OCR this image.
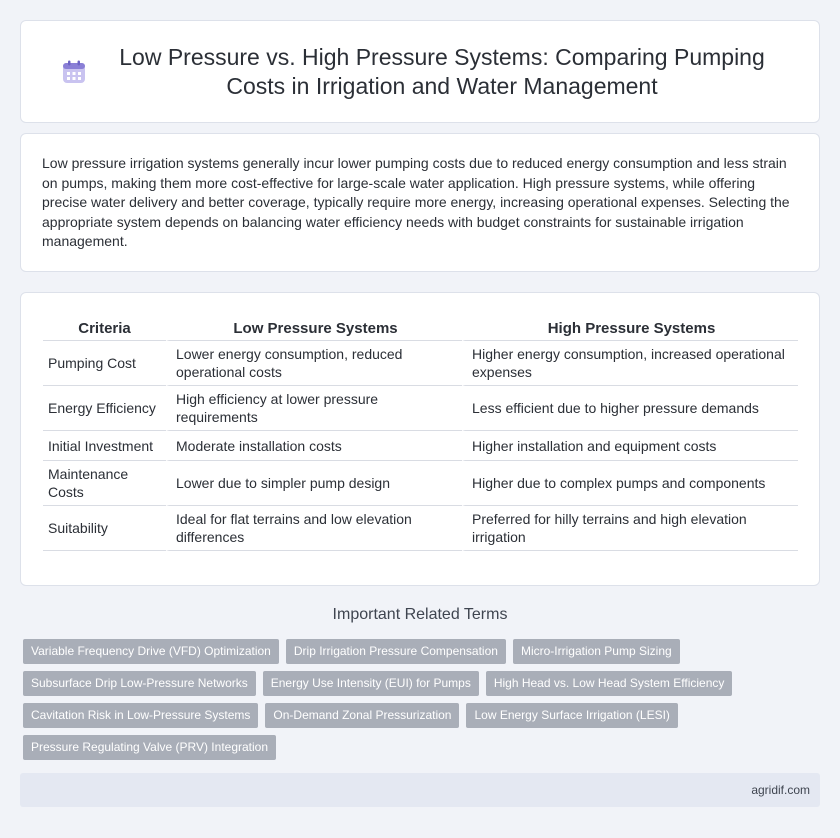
Low Pressure vs. High Pressure Systems: Comparing Pumping Costs in Irrigation and Water Management

Low pressure irrigation systems generally incur lower pumping costs due to reduced energy consumption and less strain on pumps, making them more cost-effective for large-scale water application. High pressure systems, while offering precise water delivery and better coverage, typically require more energy, increasing operational expenses. Selecting the appropriate system depends on balancing water efficiency needs with budget constraints for sustainable irrigation management.

Criteria	Low Pressure Systems	High Pressure Systems
Pumping Cost	Lower energy consumption, reduced operational costs	Higher energy consumption, increased operational expenses
Energy Efficiency	High efficiency at lower pressure requirements	Less efficient due to higher pressure demands
Initial Investment	Moderate installation costs	Higher installation and equipment costs
Maintenance Costs	Lower due to simpler pump design	Higher due to complex pumps and components
Suitability	Ideal for flat terrains and low elevation differences	Preferred for hilly terrains and high elevation irrigation
Important Related Terms
Variable Frequency Drive (VFD) Optimization	Drip Irrigation Pressure Compensation	Micro-Irrigation Pump Sizing
Subsurface Drip Low-Pressure Networks	Energy Use Intensity (EUI) for Pumps	High Head vs. Low Head System Efficiency
Cavitation Risk in Low-Pressure Systems	On-Demand Zonal Pressurization	Low Energy Surface Irrigation (LESI)
Pressure Regulating Valve (PRV) Integration
agridif.com
